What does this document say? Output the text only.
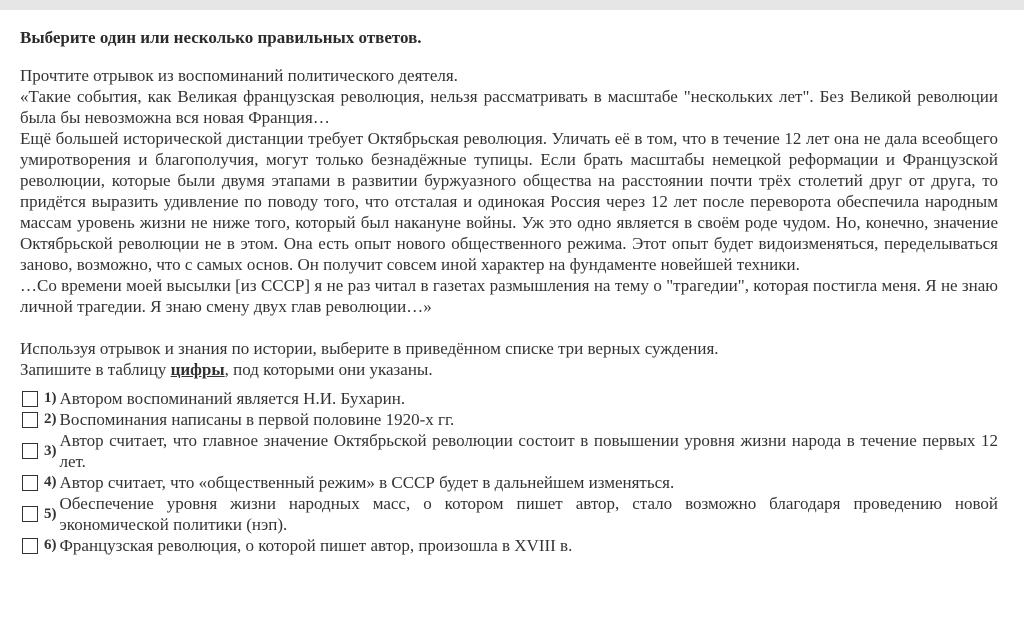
Выберите один или несколько правильных ответов.

Прочтите отрывок из воспоминаний политического деятеля.

«Такие события, как Великая французская революция, нельзя рассматривать в масштабе "нескольких лет". Без Великой революции была бы невозможна вся новая Франция…

Ещё большей исторической дистанции требует Октябрьская революция. Уличать её в том, что в течение 12 лет она не дала всеобщего умиротворения и благополучия, могут только безнадёжные тупицы. Если брать масштабы немецкой реформации и Французской революции, которые были двумя этапами в развитии буржуазного общества на расстоянии почти трёх столетий друг от друга, то придётся выразить удивление по поводу того, что отсталая и одинокая Россия через 12 лет после переворота обеспечила народным массам уровень жизни не ниже того, который был накануне войны. Уж это одно является в своём роде чудом. Но, конечно, значение Октябрьской революции не в этом. Она есть опыт нового общественного режима. Этот опыт будет видоизменяться, переделываться заново, возможно, что с самых основ. Он получит совсем иной характер на фундаменте новейшей техники.

…Со времени моей высылки [из СССР] я не раз читал в газетах размышления на тему о "трагедии", которая постигла меня. Я не знаю личной трагедии. Я знаю смену двух глав революции…»

Используя отрывок и знания по истории, выберите в приведённом списке три верных суждения.

Запишите в таблицу цифры, под которыми они указаны.

1) Автором воспоминаний является Н.И. Бухарин.
2) Воспоминания написаны в первой половине 1920-х гг.
3)
Автор считает, что главное значение Октябрьской революции состоит в повышении уровня жизни народа в течение первых 12 лет.
4) Автор считает, что «общественный режим» в СССР будет в дальнейшем изменяться.
5)
Обеспечение уровня жизни народных масс, о котором пишет автор, стало возможно благодаря проведению новой экономической политики (нэп).
6) Французская революция, о которой пишет автор, произошла в XVIII в.
